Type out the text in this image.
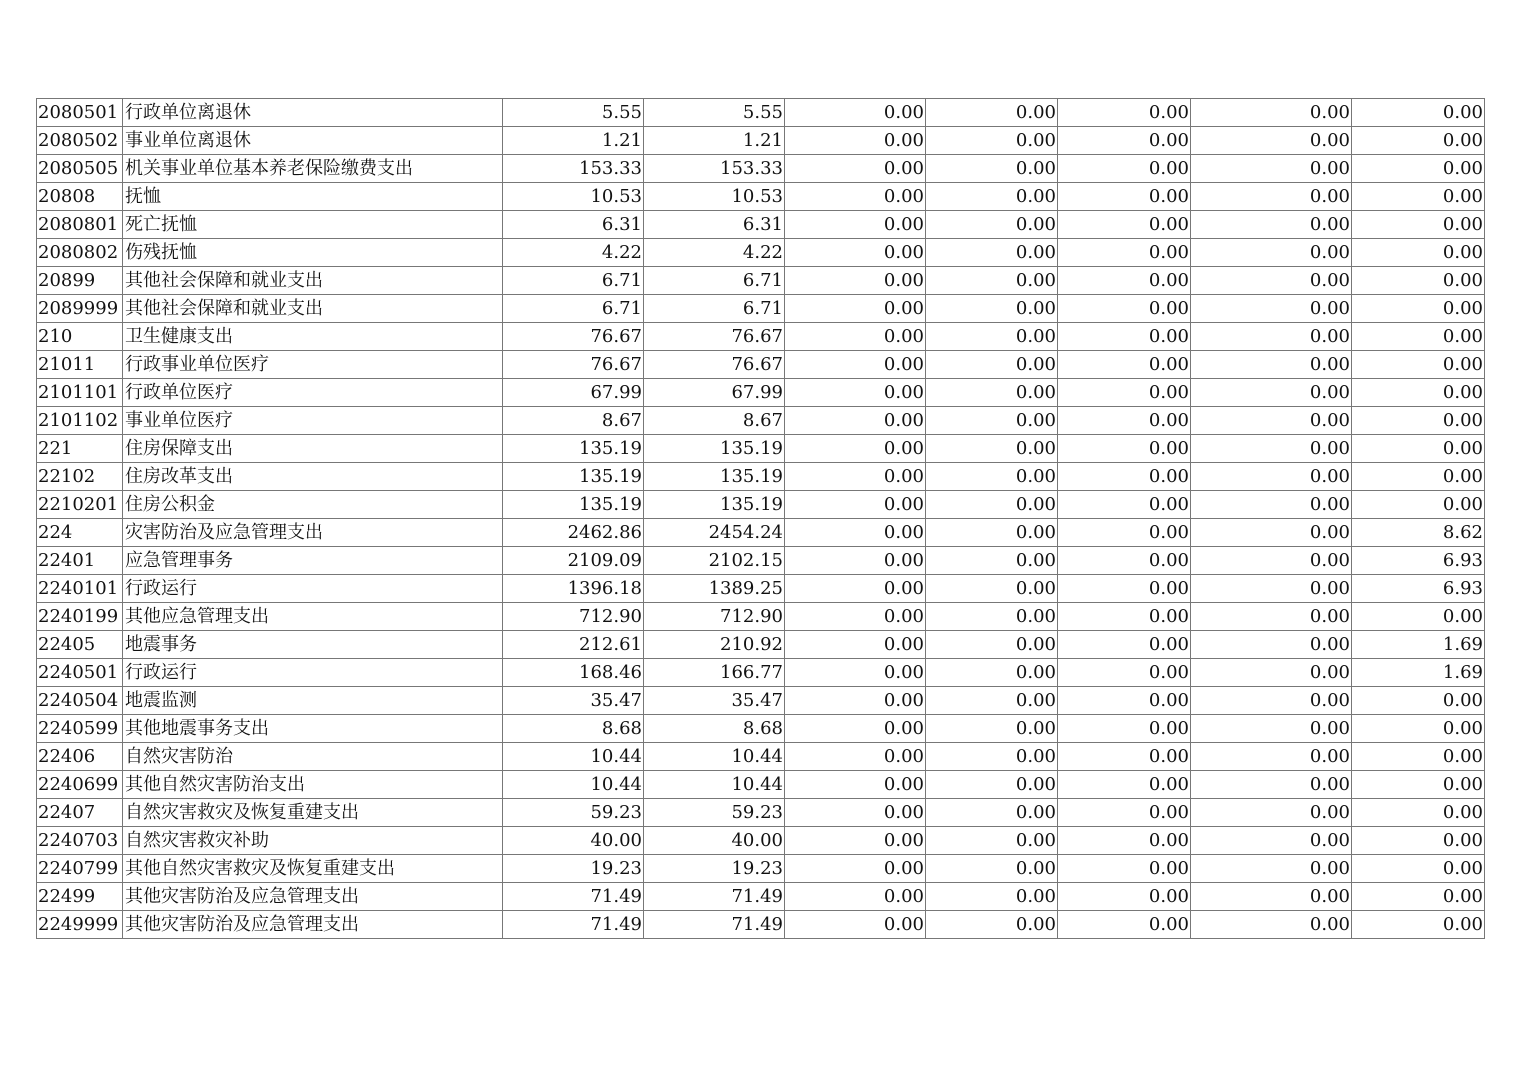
2080501	行政单位离退休	5.55	5.55	0.00	0.00	0.00	0.00	0.00
2080502	事业单位离退休	1.21	1.21	0.00	0.00	0.00	0.00	0.00
2080505	机关事业单位基本养老保险缴费支出	153.33	153.33	0.00	0.00	0.00	0.00	0.00
20808	抚恤	10.53	10.53	0.00	0.00	0.00	0.00	0.00
2080801	死亡抚恤	6.31	6.31	0.00	0.00	0.00	0.00	0.00
2080802	伤残抚恤	4.22	4.22	0.00	0.00	0.00	0.00	0.00
20899	其他社会保障和就业支出	6.71	6.71	0.00	0.00	0.00	0.00	0.00
2089999	其他社会保障和就业支出	6.71	6.71	0.00	0.00	0.00	0.00	0.00
210	卫生健康支出	76.67	76.67	0.00	0.00	0.00	0.00	0.00
21011	行政事业单位医疗	76.67	76.67	0.00	0.00	0.00	0.00	0.00
2101101	行政单位医疗	67.99	67.99	0.00	0.00	0.00	0.00	0.00
2101102	事业单位医疗	8.67	8.67	0.00	0.00	0.00	0.00	0.00
221	住房保障支出	135.19	135.19	0.00	0.00	0.00	0.00	0.00
22102	住房改革支出	135.19	135.19	0.00	0.00	0.00	0.00	0.00
2210201	住房公积金	135.19	135.19	0.00	0.00	0.00	0.00	0.00
224	灾害防治及应急管理支出	2462.86	2454.24	0.00	0.00	0.00	0.00	8.62
22401	应急管理事务	2109.09	2102.15	0.00	0.00	0.00	0.00	6.93
2240101	行政运行	1396.18	1389.25	0.00	0.00	0.00	0.00	6.93
2240199	其他应急管理支出	712.90	712.90	0.00	0.00	0.00	0.00	0.00
22405	地震事务	212.61	210.92	0.00	0.00	0.00	0.00	1.69
2240501	行政运行	168.46	166.77	0.00	0.00	0.00	0.00	1.69
2240504	地震监测	35.47	35.47	0.00	0.00	0.00	0.00	0.00
2240599	其他地震事务支出	8.68	8.68	0.00	0.00	0.00	0.00	0.00
22406	自然灾害防治	10.44	10.44	0.00	0.00	0.00	0.00	0.00
2240699	其他自然灾害防治支出	10.44	10.44	0.00	0.00	0.00	0.00	0.00
22407	自然灾害救灾及恢复重建支出	59.23	59.23	0.00	0.00	0.00	0.00	0.00
2240703	自然灾害救灾补助	40.00	40.00	0.00	0.00	0.00	0.00	0.00
2240799	其他自然灾害救灾及恢复重建支出	19.23	19.23	0.00	0.00	0.00	0.00	0.00
22499	其他灾害防治及应急管理支出	71.49	71.49	0.00	0.00	0.00	0.00	0.00
2249999	其他灾害防治及应急管理支出	71.49	71.49	0.00	0.00	0.00	0.00	0.00
